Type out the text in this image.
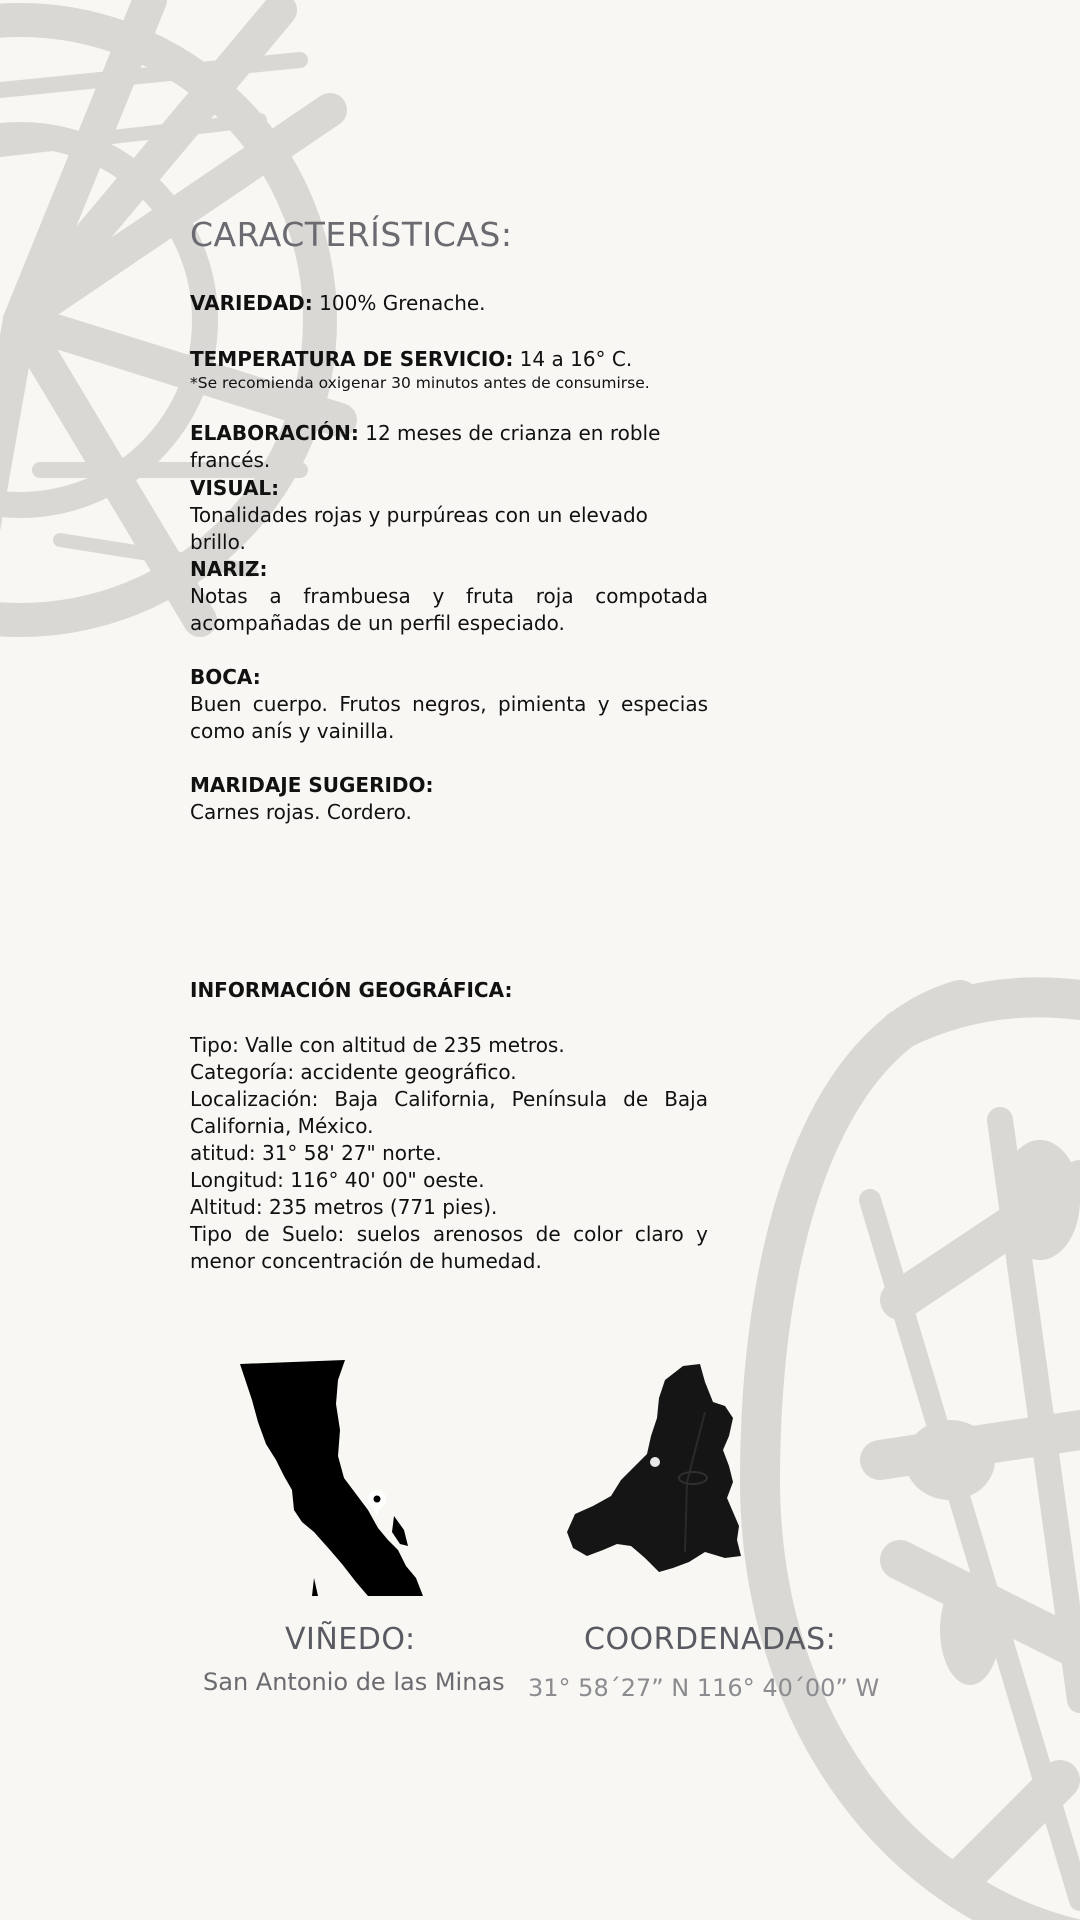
CARACTERÍSTICAS:
VARIEDAD: 100% Grenache.
TEMPERATURA DE SERVICIO: 14 a 16° C.
*Se recomienda oxigenar 30 minutos antes de consumirse.
ELABORACIÓN: 12 meses de crianza en roble francés.
VISUAL:
Tonalidades rojas y purpúreas con un elevado brillo.
NARIZ:
Notas a frambuesa y fruta roja compotada acompañadas de un perfil especiado.
BOCA:
Buen cuerpo. Frutos negros, pimienta y especias como anís y vainilla.
MARIDAJE SUGERIDO:
Carnes rojas. Cordero.
INFORMACIÓN GEOGRÁFICA:
Tipo: Valle con altitud de 235 metros.
Categoría: accidente geográfico.
Localización: Baja California, Península de Baja California, México.
atitud: 31° 58' 27" norte.
Longitud: 116° 40' 00" oeste.
Altitud: 235 metros (771 pies).
Tipo de Suelo: suelos arenosos de color claro y menor concentración de humedad.
VIÑEDO:
San Antonio de las Minas
COORDENADAS:
31° 58´27” N 116° 40´00” W
